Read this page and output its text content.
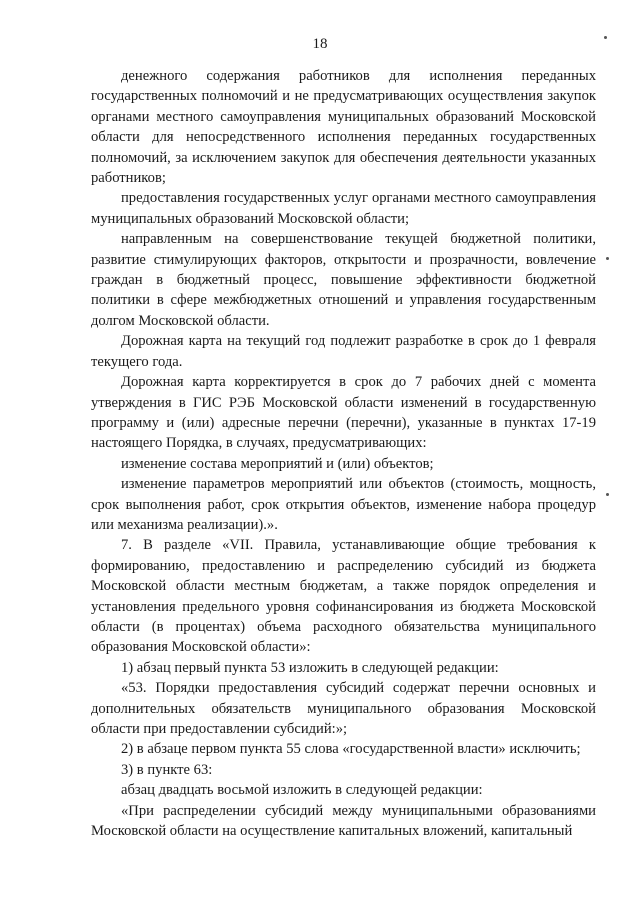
18

денежного содержания работников для исполнения переданных государственных полномочий и не предусматривающих осуществления закупок органами местного самоуправления муниципальных образований Московской области для непосредственного исполнения переданных государственных полномочий, за исключением закупок для обеспечения деятельности указанных работников;

предоставления государственных услуг органами местного самоуправления муниципальных образований Московской области;

направленным на совершенствование текущей бюджетной политики, развитие стимулирующих факторов, открытости и прозрачности, вовлечение граждан в бюджетный процесс, повышение эффективности бюджетной политики в сфере межбюджетных отношений и управления государственным долгом Московской области.

Дорожная карта на текущий год подлежит разработке в срок до 1 февраля текущего года.

Дорожная карта корректируется в срок до 7 рабочих дней с момента утверждения в ГИС РЭБ Московской области изменений в государственную программу и (или) адресные перечни (перечни), указанные в пунктах 17-19 настоящего Порядка, в случаях, предусматривающих:

изменение состава мероприятий и (или) объектов;

изменение параметров мероприятий или объектов (стоимость, мощность, срок выполнения работ, срок открытия объектов, изменение набора процедур или механизма реализации).».

7. В разделе «VII. Правила, устанавливающие общие требования к формированию, предоставлению и распределению субсидий из бюджета Московской области местным бюджетам, а также порядок определения и установления предельного уровня софинансирования из бюджета Московской области (в процентах) объема расходного обязательства муниципального образования Московской области»:

1) абзац первый пункта 53 изложить в следующей редакции:

«53. Порядки предоставления субсидий содержат перечни основных и дополнительных обязательств муниципального образования Московской области при предоставлении субсидий:»;

2) в абзаце первом пункта 55 слова «государственной власти» исключить;

3) в пункте 63:

абзац двадцать восьмой изложить в следующей редакции:

«При распределении субсидий между муниципальными образованиями Московской области на осуществление капитальных вложений, капитальный
